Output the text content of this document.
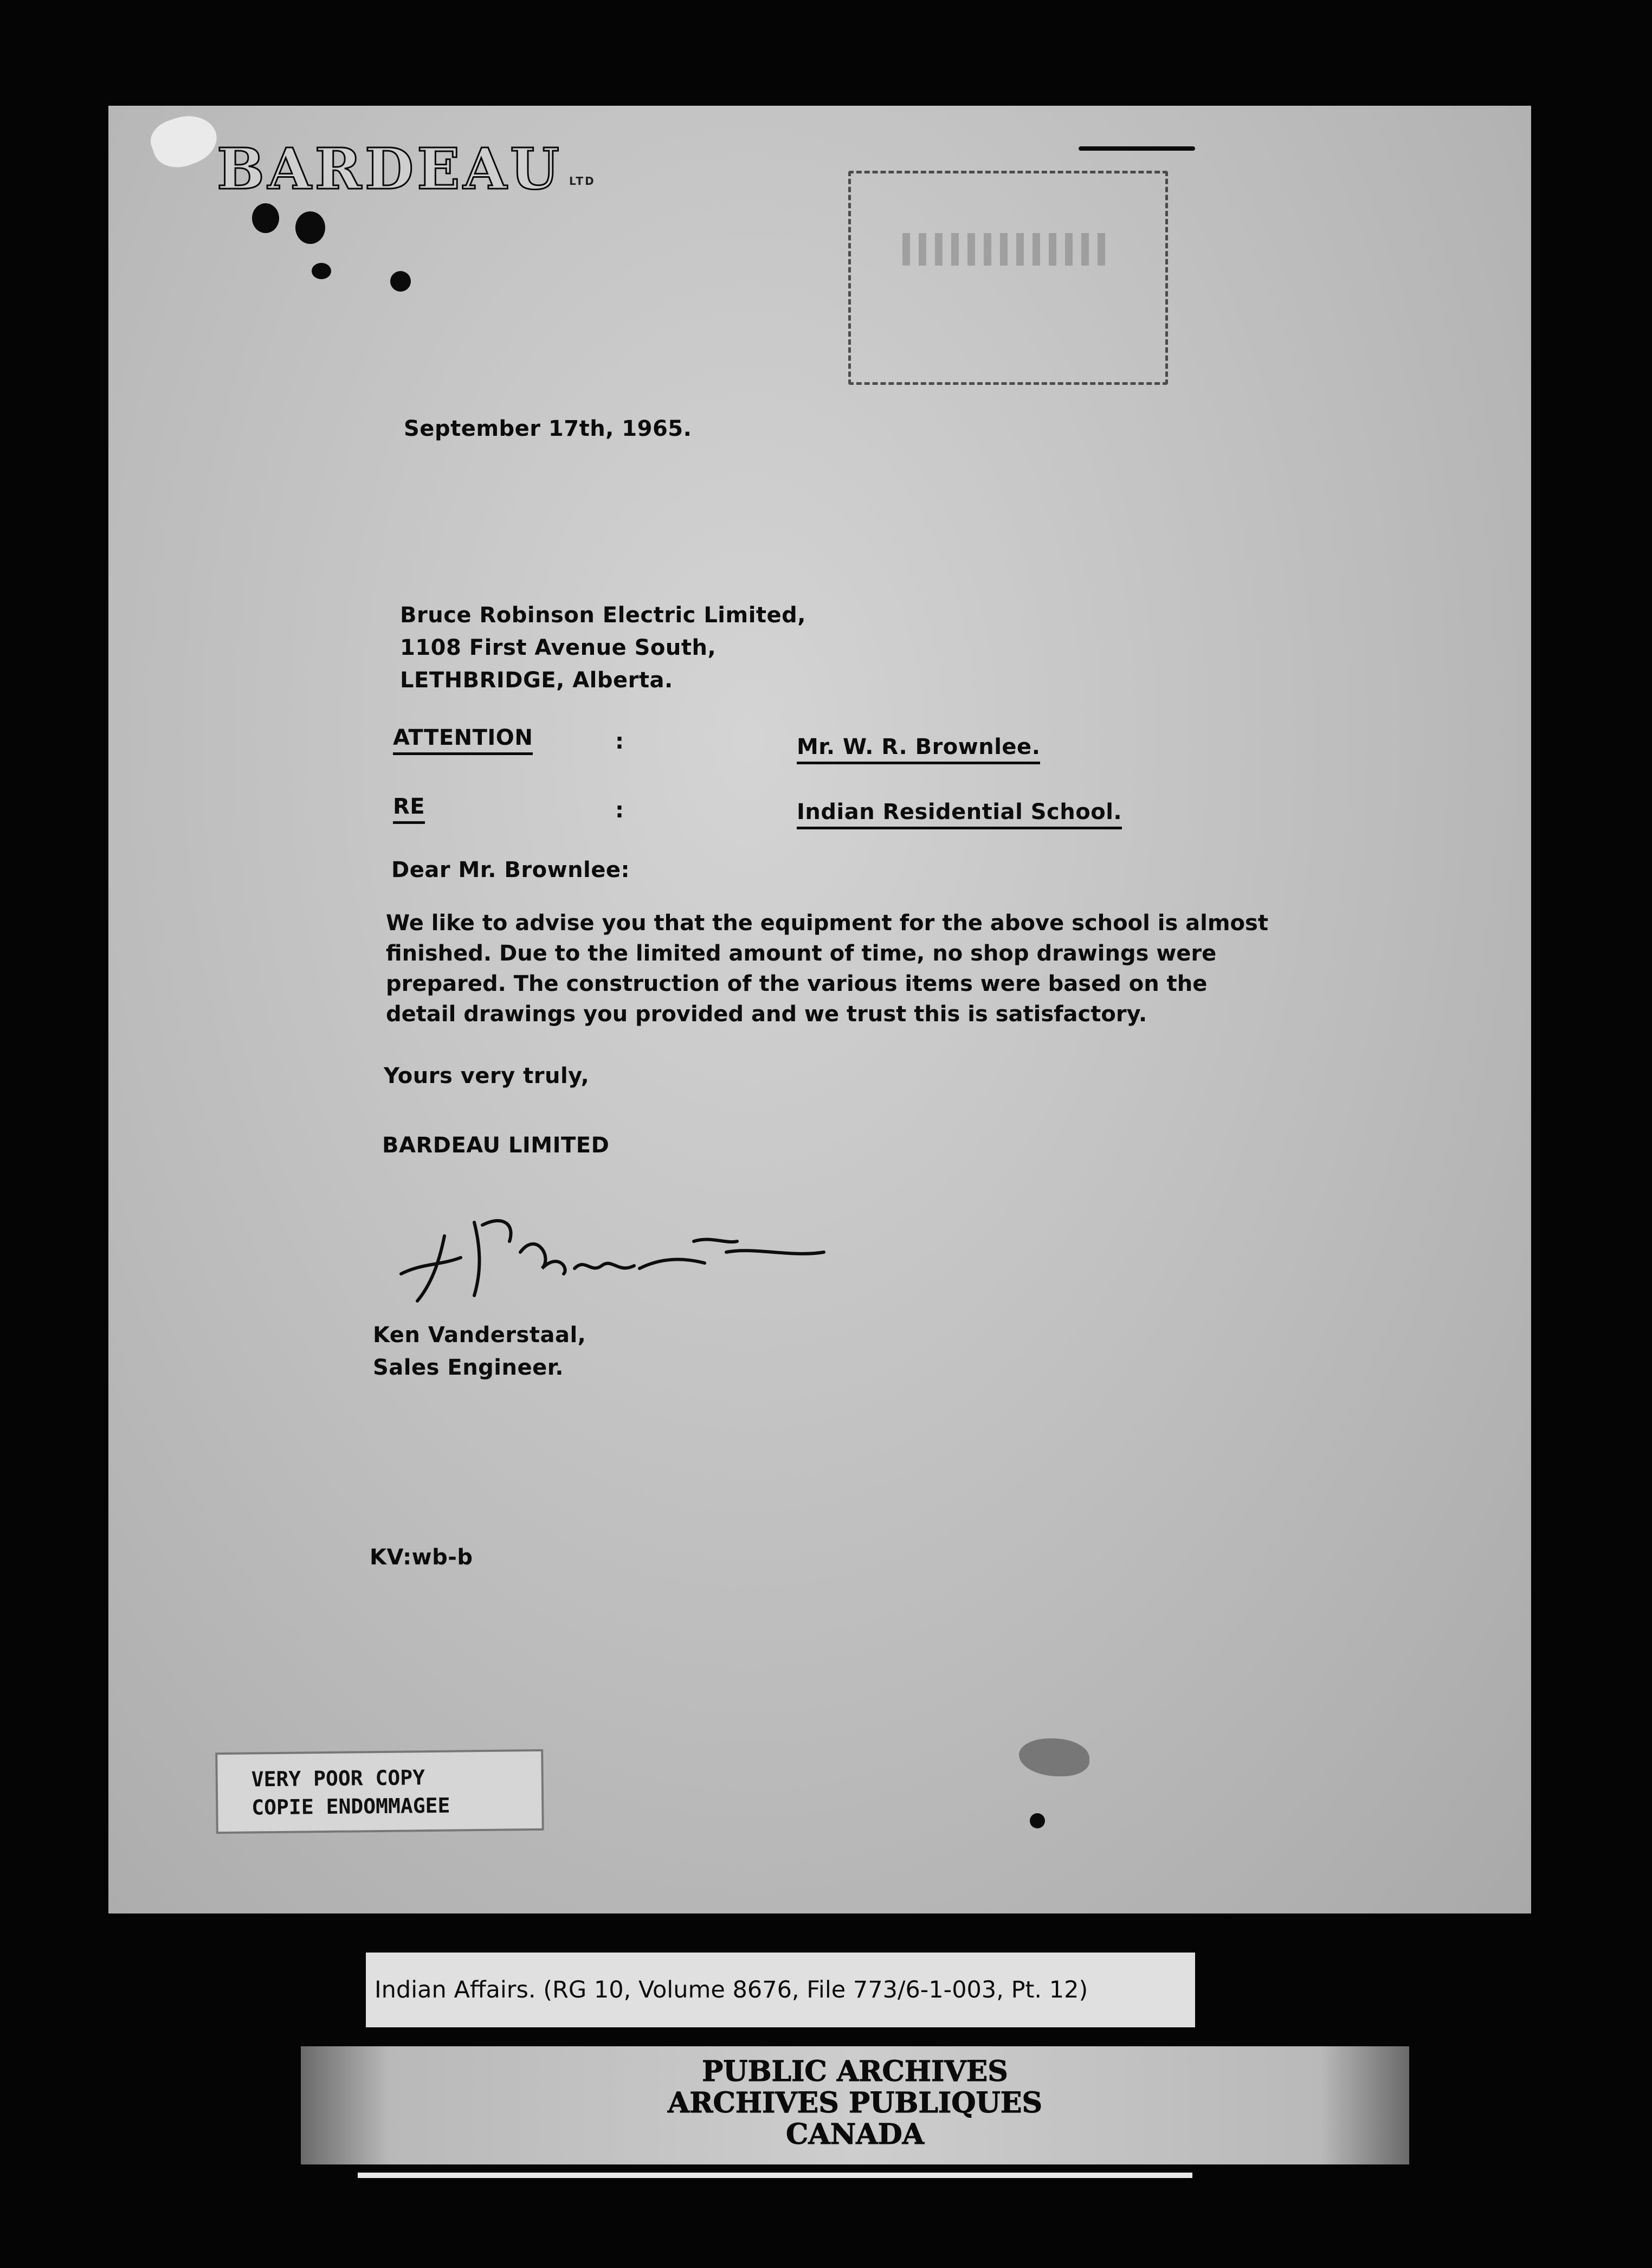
BARDEAU LTD
September 17th, 1965.
Bruce Robinson Electric Limited,
1108 First Avenue South,
LETHBRIDGE, Alberta.
ATTENTION	:	Mr. W. R. Brownlee.
RE	:	Indian Residential School.
Dear Mr. Brownlee:
We like to advise you that the equipment for the above school is almost finished. Due to the limited amount of time, no shop drawings were prepared. The construction of the various items were based on the detail drawings you provided and we trust this is satisfactory.
Yours very truly,
BARDEAU LIMITED
Ken Vanderstaal,
Sales Engineer.
KV:wb-b
VERY POOR COPY
COPIE ENDOMMAGEE
Indian Affairs. (RG 10, Volume 8676, File 773/6-1-003, Pt. 12)
PUBLIC ARCHIVES
ARCHIVES PUBLIQUES
CANADA
